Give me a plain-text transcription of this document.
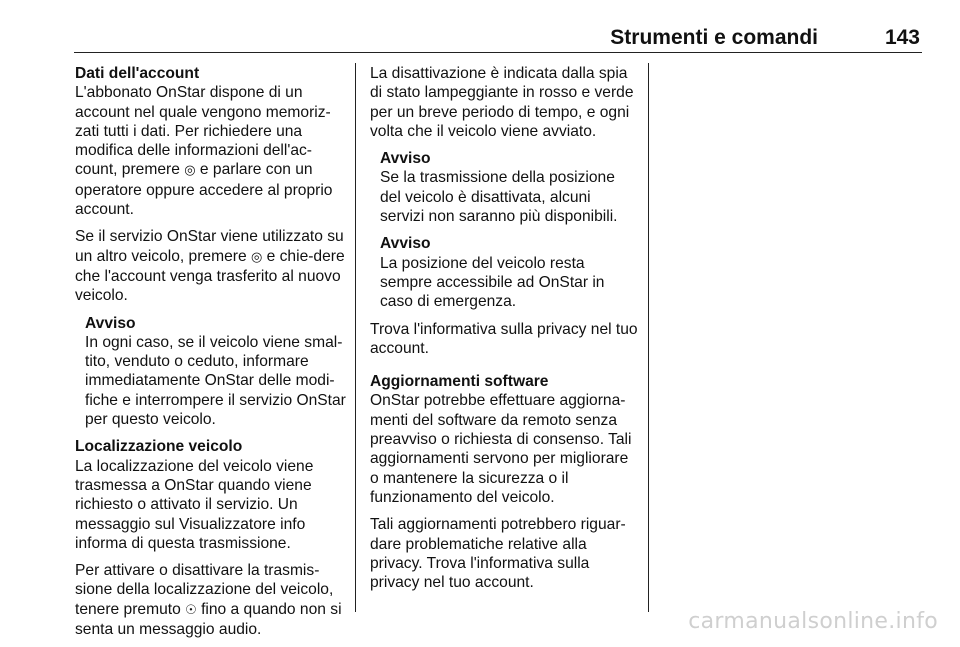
Strumenti e comandi	143
Dati dell'account

L'abbonato OnStar dispone di un account nel quale vengono memoriz-zati tutti i dati. Per richiedere una modifica delle informazioni dell'ac-count, premere ◎ e parlare con un operatore oppure accedere al proprio account.

Se il servizio OnStar viene utilizzato su un altro veicolo, premere ◎ e chie-dere che l'account venga trasferito al nuovo veicolo.

Avviso
In ogni caso, se il veicolo viene smal-tito, venduto o ceduto, informare immediatamente OnStar delle modi-fiche e interrompere il servizio OnStar per questo veicolo.
Localizzazione veicolo

La localizzazione del veicolo viene trasmessa a OnStar quando viene richiesto o attivato il servizio. Un messaggio sul Visualizzatore info informa di questa trasmissione.

Per attivare o disattivare la trasmis-sione della localizzazione del veicolo, tenere premuto ☉ fino a quando non si senta un messaggio audio.

La disattivazione è indicata dalla spia di stato lampeggiante in rosso e verde per un breve periodo di tempo, e ogni volta che il veicolo viene avviato.

Avviso
Se la trasmissione della posizione del veicolo è disattivata, alcuni servizi non saranno più disponibili.
Avviso
La posizione del veicolo resta sempre accessibile ad OnStar in caso di emergenza.

Trova l'informativa sulla privacy nel tuo account.

Aggiornamenti software

OnStar potrebbe effettuare aggiorna-menti del software da remoto senza preavviso o richiesta di consenso. Tali aggiornamenti servono per migliorare o mantenere la sicurezza o il funzionamento del veicolo.

Tali aggiornamenti potrebbero riguar-dare problematiche relative alla privacy. Trova l'informativa sulla privacy nel tuo account.

carmanualsonline.info
